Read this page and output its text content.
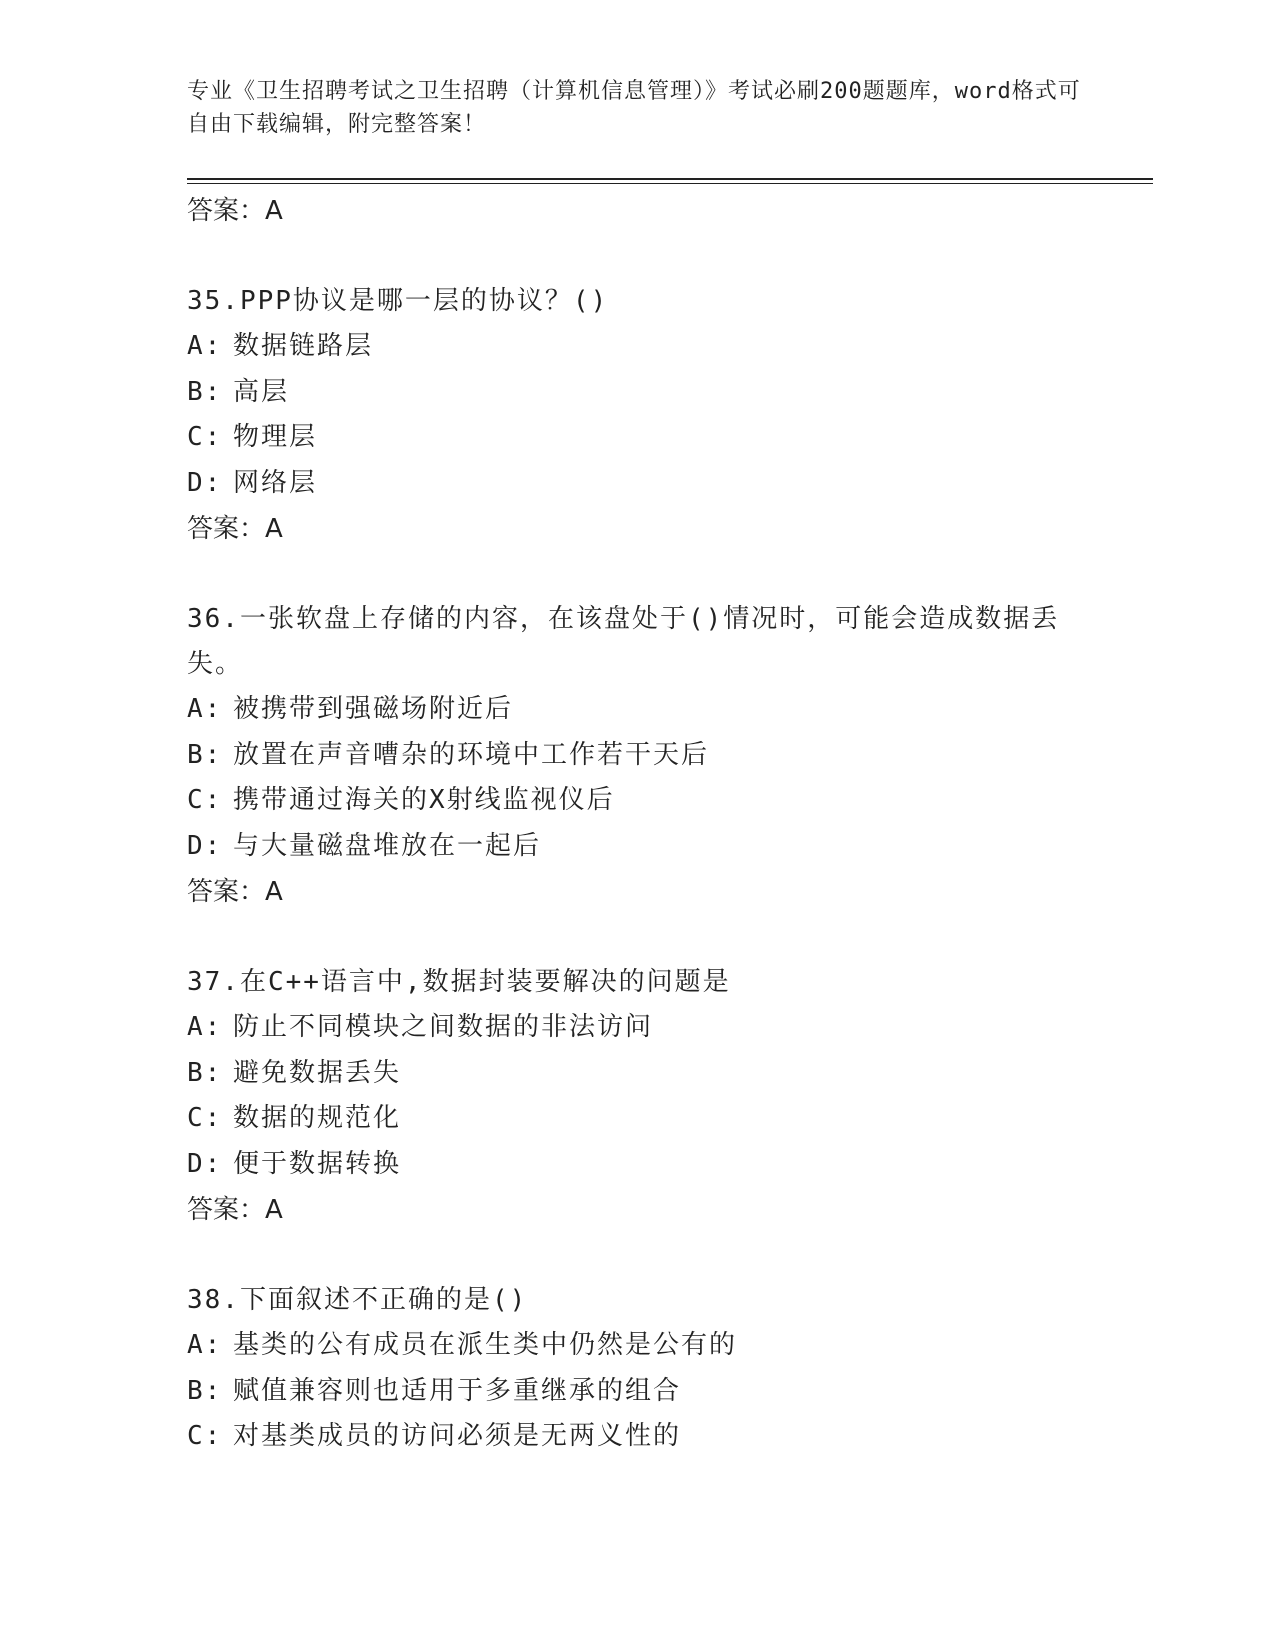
专业《卫生招聘考试之卫生招聘（计算机信息管理）》考试必刷200题题库，word格式可自由下载编辑，附完整答案！

答案：A

35.PPP协议是哪一层的协议？()

A: 数据链路层

B: 高层

C: 物理层

D: 网络层

答案：A

36.一张软盘上存储的内容，在该盘处于()情况时，可能会造成数据丢失。

A: 被携带到强磁场附近后

B: 放置在声音嘈杂的环境中工作若干天后

C: 携带通过海关的X射线监视仪后

D: 与大量磁盘堆放在一起后

答案：A

37.在C++语言中,数据封装要解决的问题是

A: 防止不同模块之间数据的非法访问

B: 避免数据丢失

C: 数据的规范化

D: 便于数据转换

答案：A

38.下面叙述不正确的是()

A: 基类的公有成员在派生类中仍然是公有的

B: 赋值兼容则也适用于多重继承的组合

C: 对基类成员的访问必须是无两义性的
